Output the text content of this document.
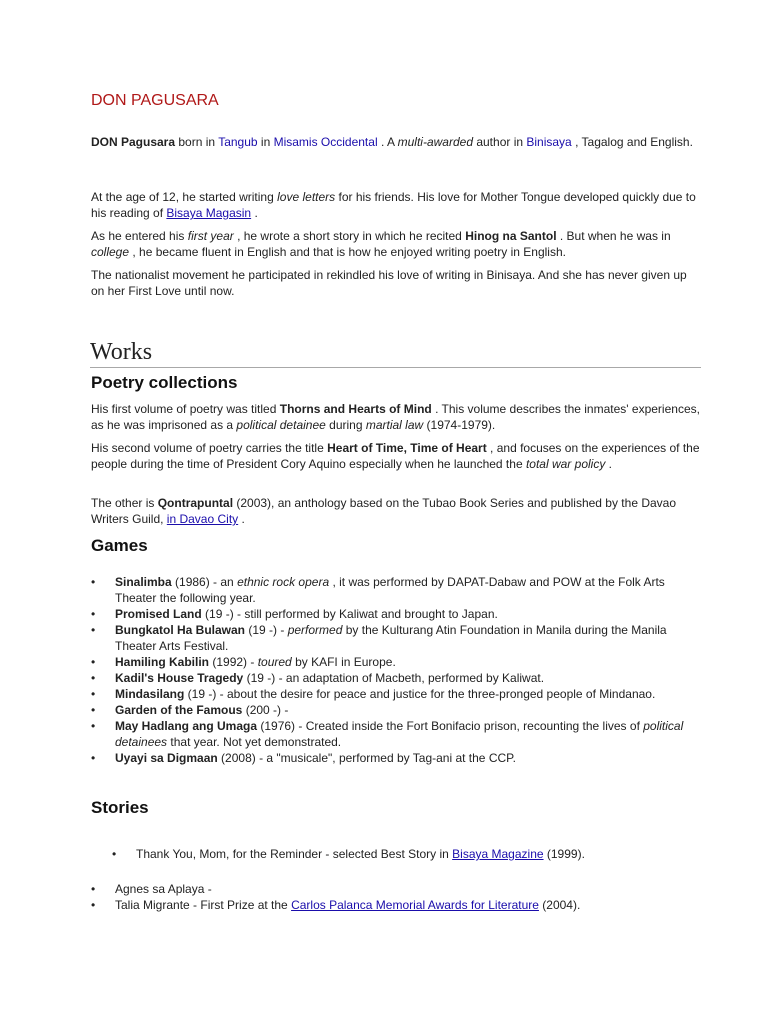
DON PAGUSARA

DON Pagusara born in Tangub in Misamis Occidental . A multi-awarded author in Binisaya , Tagalog and English.

At the age of 12, he started writing love letters for his friends. His love for Mother Tongue developed quickly due to his reading of Bisaya Magasin .

As he entered his first year , he wrote a short story in which he recited Hinog na Santol . But when he was in college , he became fluent in English and that is how he enjoyed writing poetry in English.

The nationalist movement he participated in rekindled his love of writing in Binisaya. And she has never given up on her First Love until now.

Works
Poetry collections

His first volume of poetry was titled Thorns and Hearts of Mind . This volume describes the inmates' experiences, as he was imprisoned as a political detainee during martial law (1974-1979).

His second volume of poetry carries the title Heart of Time, Time of Heart , and focuses on the experiences of the people during the time of President Cory Aquino especially when he launched the total war policy .

The other is Qontrapuntal (2003), an anthology based on the Tubao Book Series and published by the Davao Writers Guild, in Davao City .

Games
• Sinalimba (1986) - an ethnic rock opera , it was performed by DAPAT-Dabaw and POW at the Folk Arts Theater the following year.
• Promised Land (19 -) - still performed by Kaliwat and brought to Japan.
• Bungkatol Ha Bulawan (19 -) - performed by the Kulturang Atin Foundation in Manila during the Manila Theater Arts Festival.
• Hamiling Kabilin (1992) - toured by KAFI in Europe.
• Kadil's House Tragedy (19 -) - an adaptation of Macbeth, performed by Kaliwat.
• Mindasilang (19 -) - about the desire for peace and justice for the three-pronged people of Mindanao.
• Garden of the Famous (200 -) -
• May Hadlang ang Umaga (1976) - Created inside the Fort Bonifacio prison, recounting the lives of political detainees that year. Not yet demonstrated.
• Uyayi sa Digmaan (2008) - a "musicale", performed by Tag-ani at the CCP.
Stories
• Thank You, Mom, for the Reminder - selected Best Story in Bisaya Magazine (1999).
• Agnes sa Aplaya -
• Talia Migrante - First Prize at the Carlos Palanca Memorial Awards for Literature (2004).
